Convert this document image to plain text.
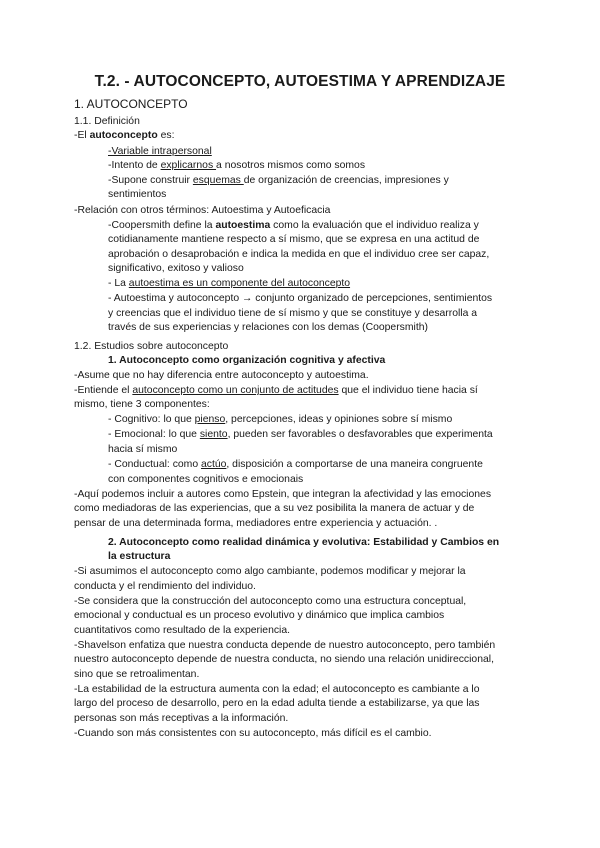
T.2. - AUTOCONCEPTO, AUTOESTIMA Y APRENDIZAJE
1. AUTOCONCEPTO
1.1. Definición
-El autoconcepto es:
-Variable intrapersonal
-Intento de explicarnos a nosotros mismos como somos
-Supone construir esquemas de organización de creencias, impresiones y
sentimientos
-Relación con otros términos: Autoestima y Autoeficacia
-Coopersmith define la autoestima como la evaluación que el individuo realiza y
cotidianamente mantiene respecto a sí mismo, que se expresa en una actitud de
aprobación o desaprobación e indica la medida en que el individuo cree ser capaz,
significativo, exitoso y valioso
- La autoestima es un componente del autoconcepto
- Autoestima y autoconcepto → conjunto organizado de percepciones, sentimientos
y creencias que el individuo tiene de sí mismo y que se constituye y desarrolla a
través de sus experiencias y relaciones con los demas (Coopersmith)
1.2. Estudios sobre autoconcepto
1. Autoconcepto como organización cognitiva y afectiva
-Asume que no hay diferencia entre autoconcepto y autoestima.
-Entiende el autoconcepto como un conjunto de actitudes que el individuo tiene hacia sí
mismo, tiene 3 componentes:
- Cognitivo: lo que pienso, percepciones, ideas y opiniones sobre sí mismo
- Emocional: lo que siento, pueden ser favorables o desfavorables que experimenta
hacia sí mismo
- Conductual: como actúo, disposición a comportarse de una maneira congruente
con componentes cognitivos e emocionais
-Aquí podemos incluir a autores como Epstein, que integran la afectividad y las emociones
como mediadoras de las experiencias, que a su vez posibilita la manera de actuar y de
pensar de una determinada forma, mediadores entre experiencia y actuación. .
2. Autoconcepto como realidad dinámica y evolutiva: Estabilidad y Cambios en
la estructura
-Si asumimos el autoconcepto como algo cambiante, podemos modificar y mejorar la
conducta y el rendimiento del individuo.
-Se considera que la construcción del autoconcepto como una estructura conceptual,
emocional y conductual es un proceso evolutivo y dinámico que implica cambios
cuantitativos como resultado de la experiencia.
-Shavelson enfatiza que nuestra conducta depende de nuestro autoconcepto, pero también
nuestro autoconcepto depende de nuestra conducta, no siendo una relación unidireccional,
sino que se retroalimentan.
-La estabilidad de la estructura aumenta con la edad; el autoconcepto es cambiante a lo
largo del proceso de desarrollo, pero en la edad adulta tiende a estabilizarse, ya que las
personas son más receptivas a la información.
-Cuando son más consistentes con su autoconcepto, más difícil es el cambio.
